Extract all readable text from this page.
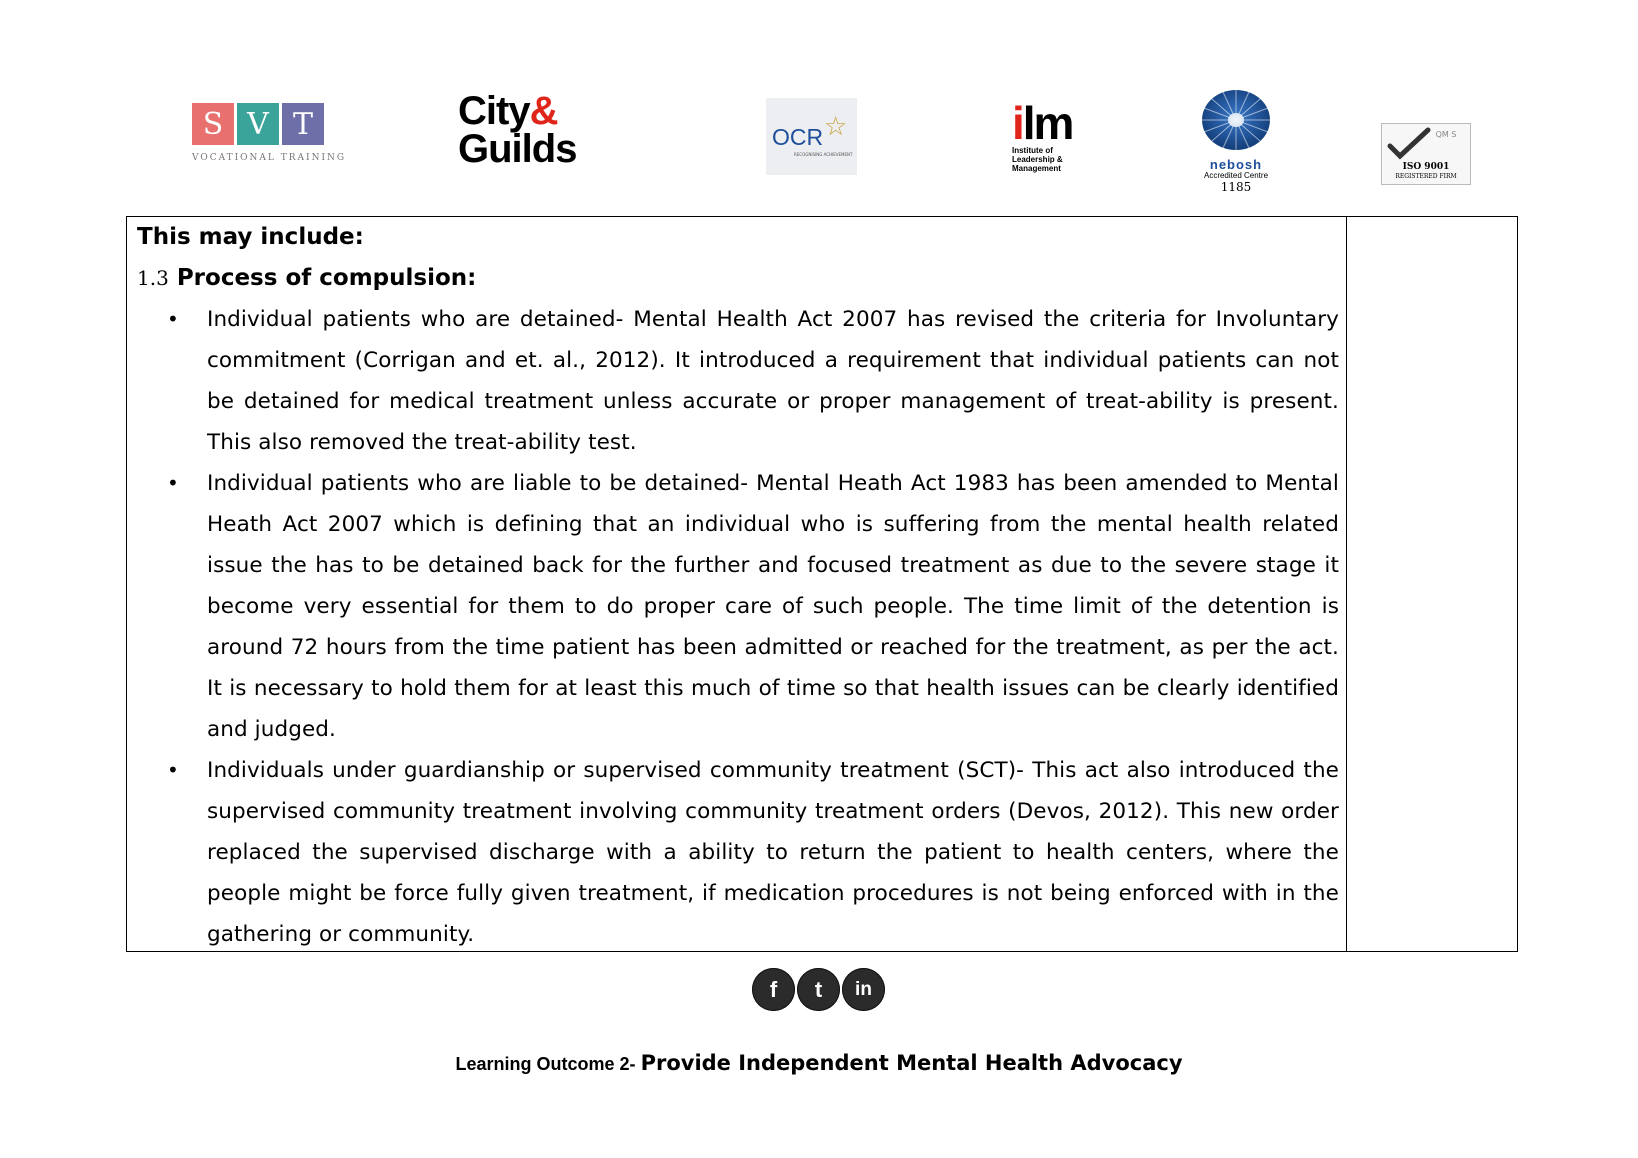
S V T
VOCATIONAL TRAINING
City&
Guilds	OCR ☆
RECOGNISING ACHIEVEMENT
ilm
Institute of
Leadership &
Management	nebosh
Accredited Centre
1185
QM S
ISO 9001
REGISTERED FIRM
This may include:
1.3 Process of compulsion:
• Individual patients who are detained- Mental Health Act 2007 has revised the criteria for Involuntary commitment (Corrigan and et. al., 2012). It introduced a requirement that individual patients can not be detained for medical treatment unless accurate or proper management of treat-ability is present. This also removed the treat-ability test.
• Individual patients who are liable to be detained- Mental Heath Act 1983 has been amended to Mental Heath Act 2007 which is defining that an individual who is suffering from the mental health related issue the has to be detained back for the further and focused treatment as due to the severe stage it become very essential for them to do proper care of such people. The time limit of the detention is around 72 hours from the time patient has been admitted or reached for the treatment, as per the act. It is necessary to hold them for at least this much of time so that health issues can be clearly identified and judged.
• Individuals under guardianship or supervised community treatment (SCT)- This act also introduced the supervised community treatment involving community treatment orders (Devos, 2012). This new order replaced the supervised discharge with a ability to return the patient to health centers, where the people might be force fully given treatment, if medication procedures is not being enforced with in the gathering or community.
f	t	in
Learning Outcome 2- Provide Independent Mental Health Advocacy
